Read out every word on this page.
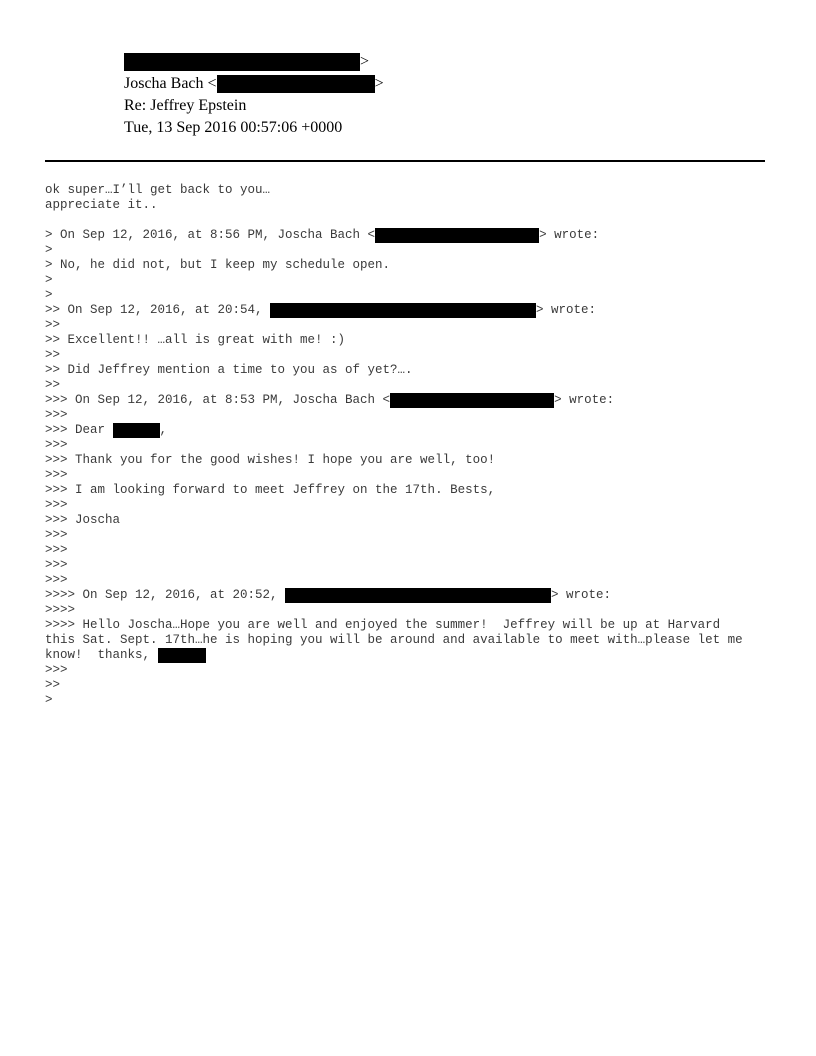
>
Joscha Bach <	>
Re: Jeffrey Epstein
Tue, 13 Sep 2016 00:57:06 +0000
ok super…I’ll get back to you…
appreciate it..
> On Sep 12, 2016, at 8:56 PM, Joscha Bach <	> wrote:
>
> No, he did not, but I keep my schedule open.
>
>
>> On Sep 12, 2016, at 20:54,	> wrote:
>>
>> Excellent!! …all is great with me! :)
>>
>> Did Jeffrey mention a time to you as of yet?….
>>
>>> On Sep 12, 2016, at 8:53 PM, Joscha Bach <	> wrote:
>>>
>>> Dear	,
>>>
>>> Thank you for the good wishes! I hope you are well, too!
>>>
>>> I am looking forward to meet Jeffrey on the 17th. Bests,
>>>
>>> Joscha
>>>
>>>
>>>
>>>
>>>> On Sep 12, 2016, at 20:52,	> wrote:
>>>>
>>>> Hello Joscha…Hope you are well and enjoyed the summer!  Jeffrey will be up at Harvard
this Sat. Sept. 17th…he is hoping you will be around and available to meet with…please let me
know!  thanks,
>>>
>>
>
